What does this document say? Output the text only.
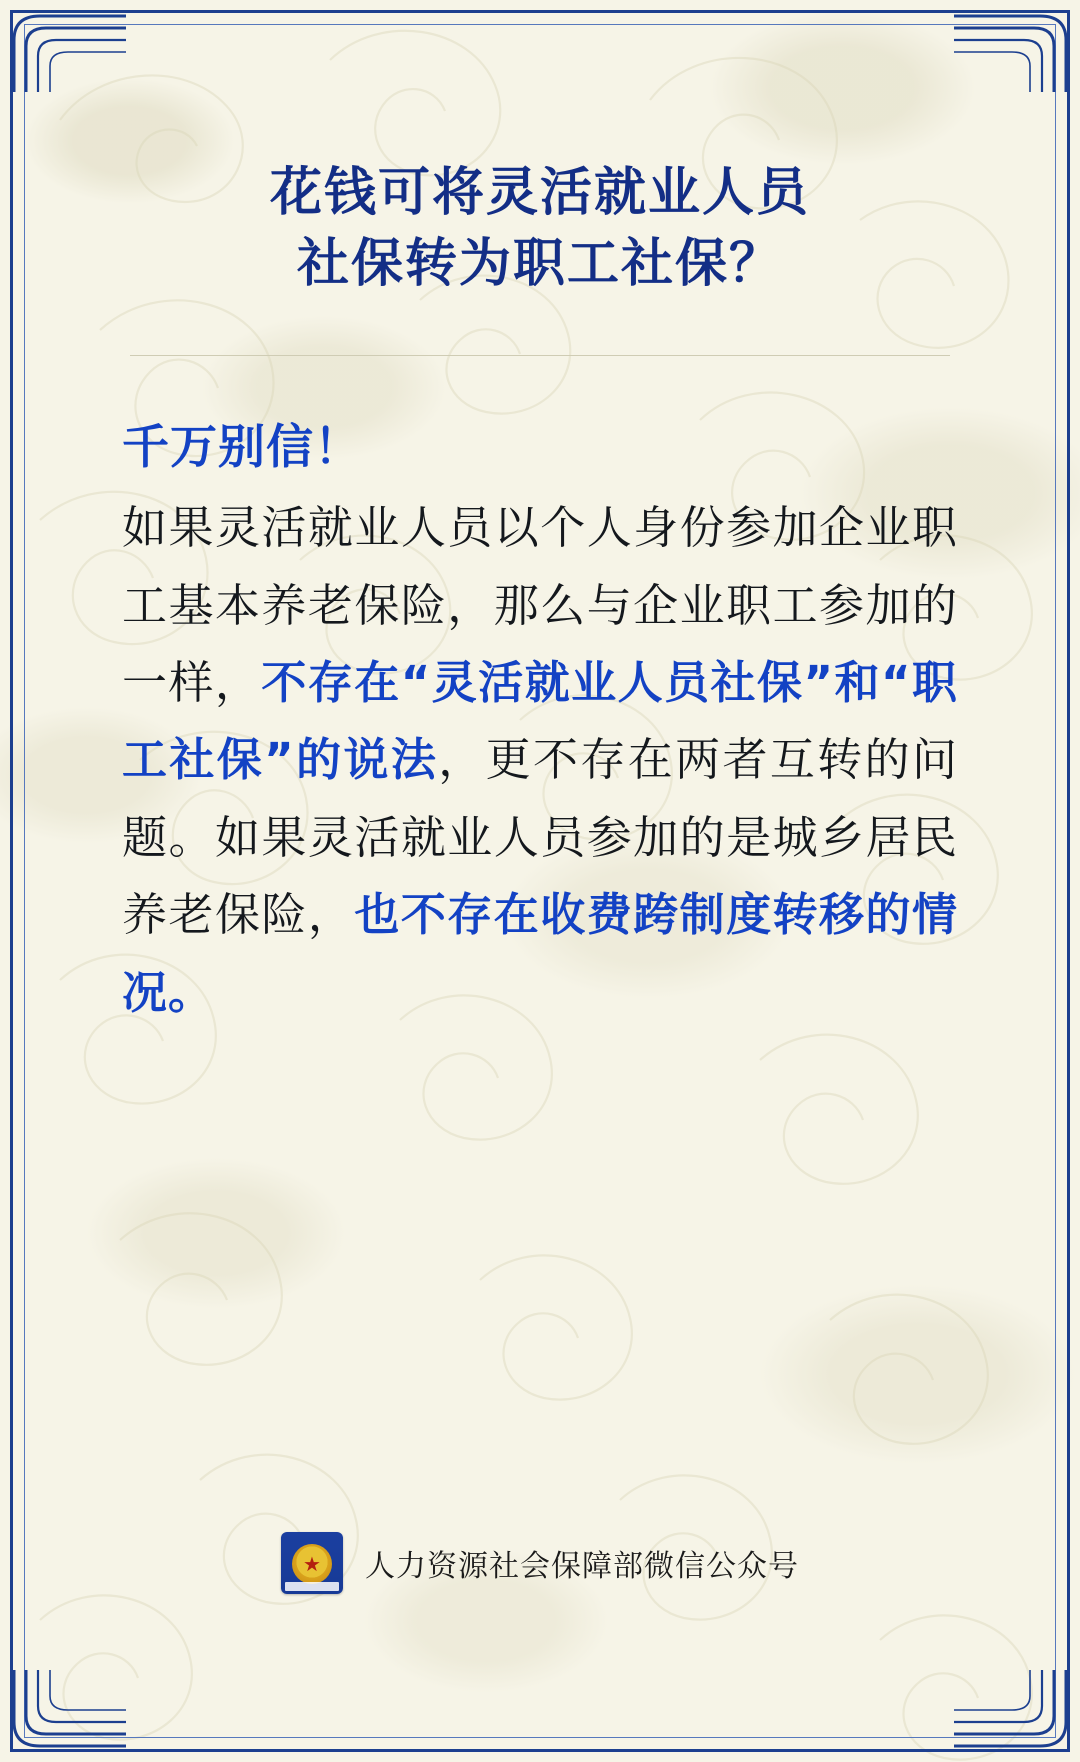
花钱可将灵活就业人员
社保转为职工社保？

千万别信！
如果灵活就业人员以个人身份参加企业职工基本养老保险，那么与企业职工参加的一样，不存在“灵活就业人员社保”和“职工社保”的说法，更不存在两者互转的问题。如果灵活就业人员参加的是城乡居民养老保险，也不存在收费跨制度转移的情况。

★
人力资源社会保障部微信公众号
